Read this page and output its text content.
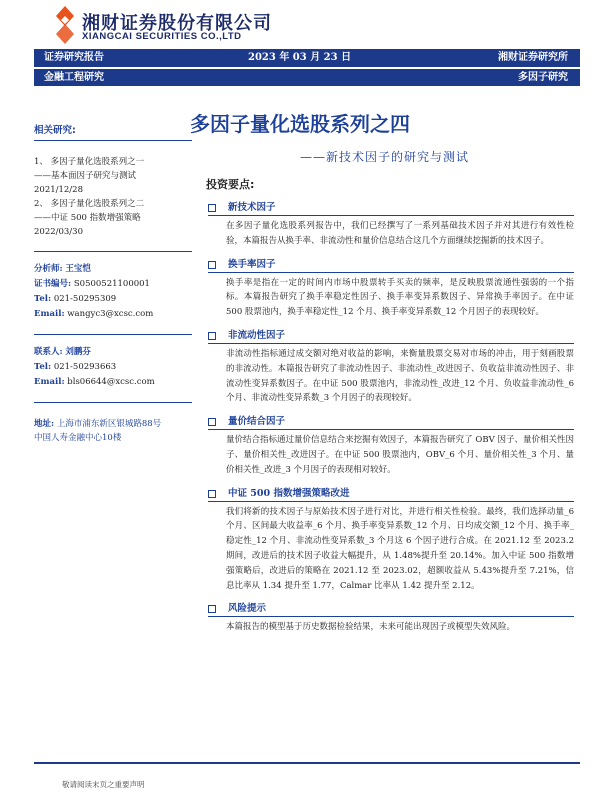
湘财证券股份有限公司
XIANGCAI SECURITIES CO.,LTD
证券研究报告	2023 年 03 月 23 日	湘财证券研究所
金融工程研究	多因子研究
多因子量化选股系列之四
——新技术因子的研究与测试
相关研究:
1、 多因子量化选股系列之一
——基本面因子研究与测试
2021/12/28
2、 多因子量化选股系列之二
——中证 500 指数增强策略
2022/03/30
分析师: 王宝恺
证书编号: S0500521100001
Tel: 021-50295309
Email: wangyc3@xcsc.com
联系人: 刘鹏芬
Tel: 021-50293663
Email: bls06644@xcsc.com
地址: 上海市浦东新区银城路88号
中国人寿金融中心10楼
投资要点:
新技术因子
在多因子量化选股系列报告中，我们已经撰写了一系列基础技术因子并对其进行有效性检验，本篇报告从换手率、非流动性和量价信息结合这几个方面继续挖掘新的技术因子。
换手率因子
换手率是指在一定的时间内市场中股票转手买卖的频率，是反映股票流通性强弱的一个指标。本篇报告研究了换手率稳定性因子、换手率变异系数因子、异常换手率因子。在中证 500 股票池内，换手率稳定性_12 个月、换手率变异系数_12 个月因子的表现较好。
非流动性因子
非流动性指标通过成交额对绝对收益的影响，来衡量股票交易对市场的冲击，用于刻画股票的非流动性。本篇报告研究了非流动性因子、非流动性_改进因子、负收益非流动性因子、非流动性变异系数因子。在中证 500 股票池内，非流动性_改进_12 个月、负收益非流动性_6 个月、非流动性变异系数_3 个月因子的表现较好。
量价结合因子
量价结合指标通过量价信息结合来挖掘有效因子，本篇报告研究了 OBV 因子、量价相关性因子、量价相关性_改进因子。在中证 500 股票池内，OBV_6 个月、量价相关性_3 个月、量价相关性_改进_3 个月因子的表现相对较好。
中证 500 指数增强策略改进
我们将新的技术因子与原始技术因子进行对比，并进行相关性检验。最终，我们选择动量_6 个月、区间最大收益率_6 个月、换手率变异系数_12 个月、日均成交额_12 个月、换手率_稳定性_12 个月、非流动性变异系数_3 个月这 6 个因子进行合成。在 2021.12 至 2023.2 期间，改进后的技术因子收益大幅提升，从 1.48%提升至 20.14%。加入中证 500 指数增强策略后，改进后的策略在 2021.12 至 2023.02，超额收益从 5.43%提升至 7.21%，信息比率从 1.34 提升至 1.77，Calmar 比率从 1.42 提升至 2.12。
风险提示
本篇报告的模型基于历史数据检验结果，未来可能出现因子或模型失效风险。
敬请阅读末页之重要声明
